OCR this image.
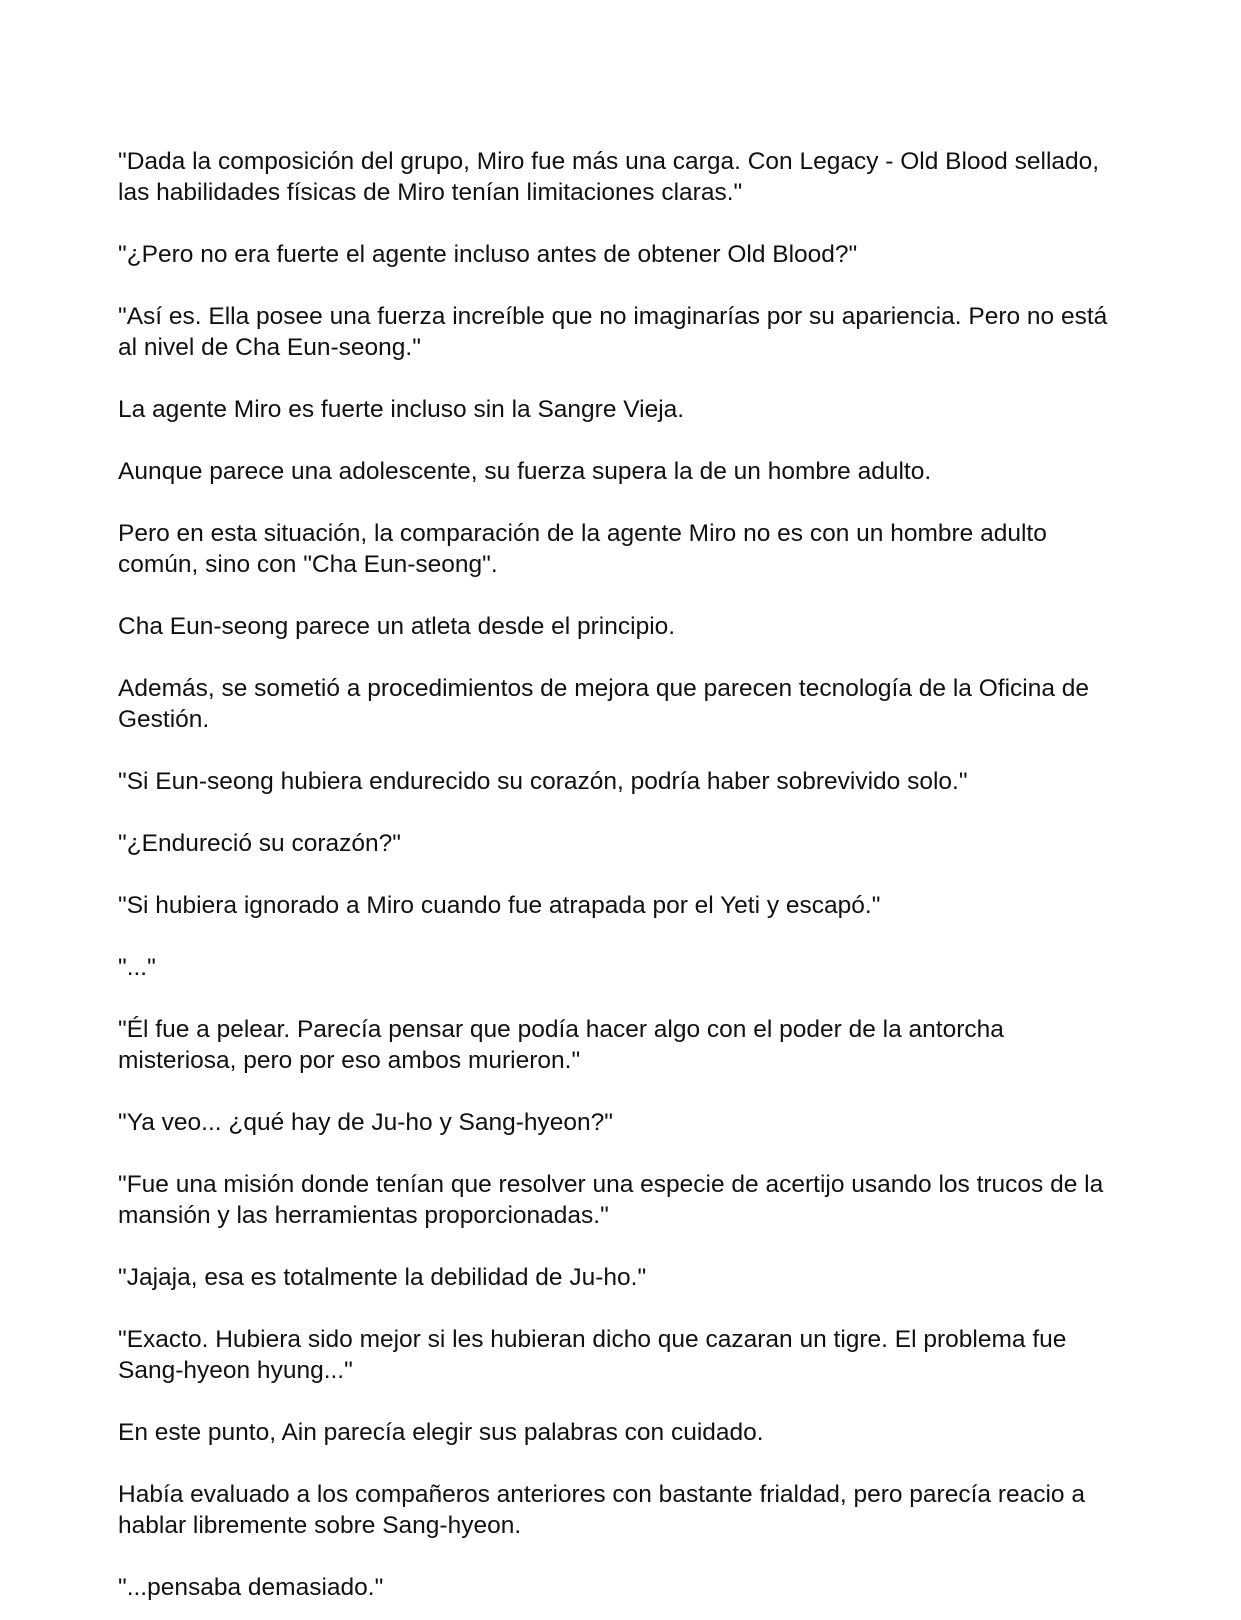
"Dada la composición del grupo, Miro fue más una carga. Con Legacy - Old Blood sellado, las habilidades físicas de Miro tenían limitaciones claras."

"¿Pero no era fuerte el agente incluso antes de obtener Old Blood?"

"Así es. Ella posee una fuerza increíble que no imaginarías por su apariencia. Pero no está al nivel de Cha Eun-seong."

La agente Miro es fuerte incluso sin la Sangre Vieja.

Aunque parece una adolescente, su fuerza supera la de un hombre adulto.

Pero en esta situación, la comparación de la agente Miro no es con un hombre adulto común, sino con "Cha Eun-seong".

Cha Eun-seong parece un atleta desde el principio.

Además, se sometió a procedimientos de mejora que parecen tecnología de la Oficina de Gestión.

"Si Eun-seong hubiera endurecido su corazón, podría haber sobrevivido solo."

"¿Endureció su corazón?"

"Si hubiera ignorado a Miro cuando fue atrapada por el Yeti y escapó."

"..."

"Él fue a pelear. Parecía pensar que podía hacer algo con el poder de la antorcha misteriosa, pero por eso ambos murieron."

"Ya veo... ¿qué hay de Ju-ho y Sang-hyeon?"

"Fue una misión donde tenían que resolver una especie de acertijo usando los trucos de la mansión y las herramientas proporcionadas."

"Jajaja, esa es totalmente la debilidad de Ju-ho."

"Exacto. Hubiera sido mejor si les hubieran dicho que cazaran un tigre. El problema fue Sang-hyeon hyung..."

En este punto, Ain parecía elegir sus palabras con cuidado.

Había evaluado a los compañeros anteriores con bastante frialdad, pero parecía reacio a hablar libremente sobre Sang-hyeon.

"...pensaba demasiado."
